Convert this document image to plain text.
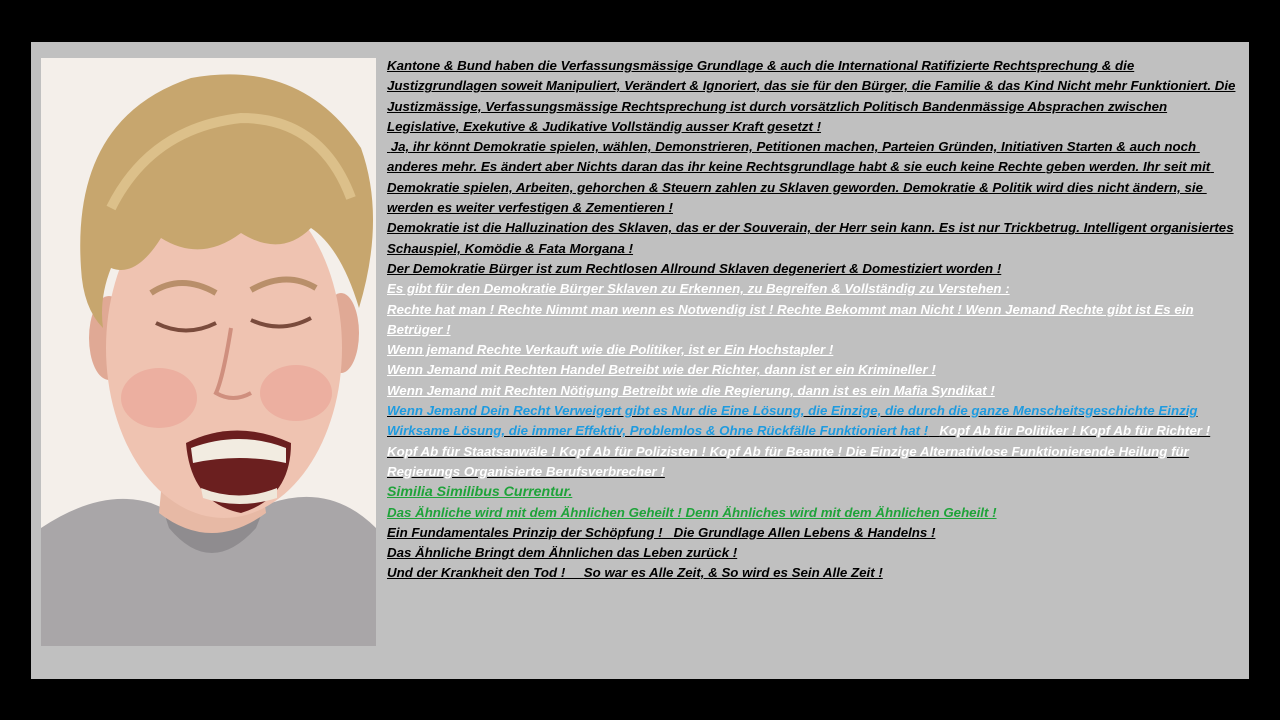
Kantone & Bund haben die Verfassungsmässige Grundlage & auch die International Ratifizierte Rechtsprechung & die Justizgrundlagen soweit Manipuliert, Verändert & Ignoriert, das sie für den Bürger, die Familie & das Kind Nicht mehr Funktioniert. Die Justizmässige, Verfassungsmässige Rechtsprechung ist durch vorsätzlich Politisch Bandenmässige Absprachen zwischen Legislative, Exekutive & Judikative Vollständig ausser Kraft gesetzt !

Ja, ihr könnt Demokratie spielen, wählen, Demonstrieren, Petitionen machen, Parteien Gründen, Initiativen Starten & auch noch anderes mehr. Es ändert aber Nichts daran das ihr keine Rechtsgrundlage habt & sie euch keine Rechte geben werden. Ihr seit mit Demokratie spielen, Arbeiten, gehorchen & Steuern zahlen zu Sklaven geworden. Demokratie & Politik wird dies nicht ändern, sie werden es weiter verfestigen & Zementieren !

Demokratie ist die Halluzination des Sklaven, das er der Souverain, der Herr sein kann. Es ist nur Trickbetrug. Intelligent organisiertes Schauspiel, Komödie & Fata Morgana !

Der Demokratie Bürger ist zum Rechtlosen Allround Sklaven degeneriert & Domestiziert worden !

Es gibt für den Demokratie Bürger Sklaven zu Erkennen, zu Begreifen & Vollständig zu Verstehen :

Rechte hat man ! Rechte Nimmt man wenn es Notwendig ist ! Rechte Bekommt man Nicht ! Wenn Jemand Rechte gibt ist Es ein Betrüger !

Wenn jemand Rechte Verkauft wie die Politiker, ist er Ein Hochstapler !

Wenn Jemand mit Rechten Handel Betreibt wie der Richter, dann ist er ein Krimineller !

Wenn Jemand mit Rechten Nötigung Betreibt wie die Regierung, dann ist es ein Mafia Syndikat !

Wenn Jemand Dein Recht Verweigert gibt es Nur die Eine Lösung, die Einzige, die durch die ganze Menscheitsgeschichte Einzig Wirksame Lösung, die immer Effektiv, Problemlos & Ohne Rückfälle Funktioniert hat ! Kopf Ab für Politiker ! Kopf Ab für Richter ! Kopf Ab für Staatsanwäle ! Kopf Ab für Polizisten ! Kopf Ab für Beamte ! Die Einzige Alternativlose Funktionierende Heilung für Regierungs Organisierte Berufsverbrecher !

Similia Similibus Currentur.

Das Ähnliche wird mit dem Ähnlichen Geheilt ! Denn Ähnliches wird mit dem Ähnlichen Geheilt !

Ein Fundamentales Prinzip der Schöpfung !   Die Grundlage Allen Lebens & Handelns !

Das Ähnliche Bringt dem Ähnlichen das Leben zurück !

Und der Krankheit den Tod !     So war es Alle Zeit, & So wird es Sein Alle Zeit !
